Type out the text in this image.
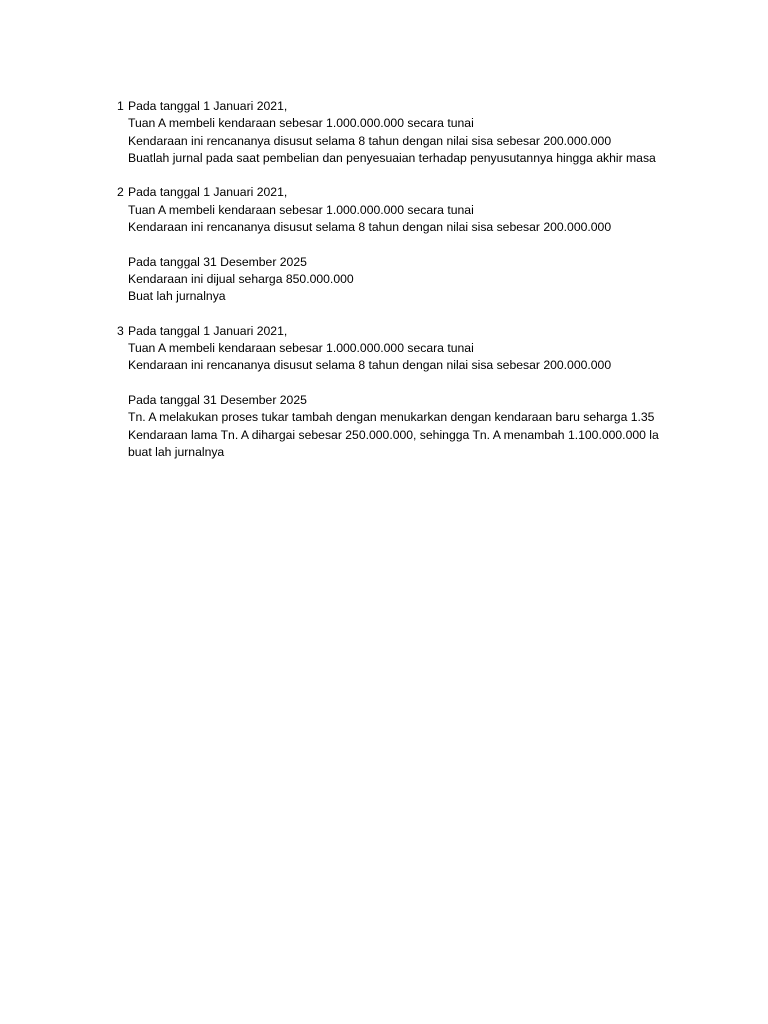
1 Pada tanggal 1 Januari 2021,
Tuan A membeli kendaraan sebesar 1.000.000.000 secara tunai
Kendaraan ini rencananya disusut selama 8 tahun dengan nilai sisa sebesar 200.000.000
Buatlah jurnal pada saat pembelian dan penyesuaian terhadap penyusutannya hingga akhir masa
2 Pada tanggal 1 Januari 2021,
Tuan A membeli kendaraan sebesar 1.000.000.000 secara tunai
Kendaraan ini rencananya disusut selama 8 tahun dengan nilai sisa sebesar 200.000.000
Pada tanggal 31 Desember 2025
Kendaraan ini dijual seharga 850.000.000
Buat lah jurnalnya
3 Pada tanggal 1 Januari 2021,
Tuan A membeli kendaraan sebesar 1.000.000.000 secara tunai
Kendaraan ini rencananya disusut selama 8 tahun dengan nilai sisa sebesar 200.000.000
Pada tanggal 31 Desember 2025
Tn. A melakukan proses tukar tambah dengan menukarkan dengan kendaraan baru seharga 1.35
Kendaraan lama Tn. A dihargai sebesar 250.000.000, sehingga Tn. A menambah 1.100.000.000 la
buat lah jurnalnya
